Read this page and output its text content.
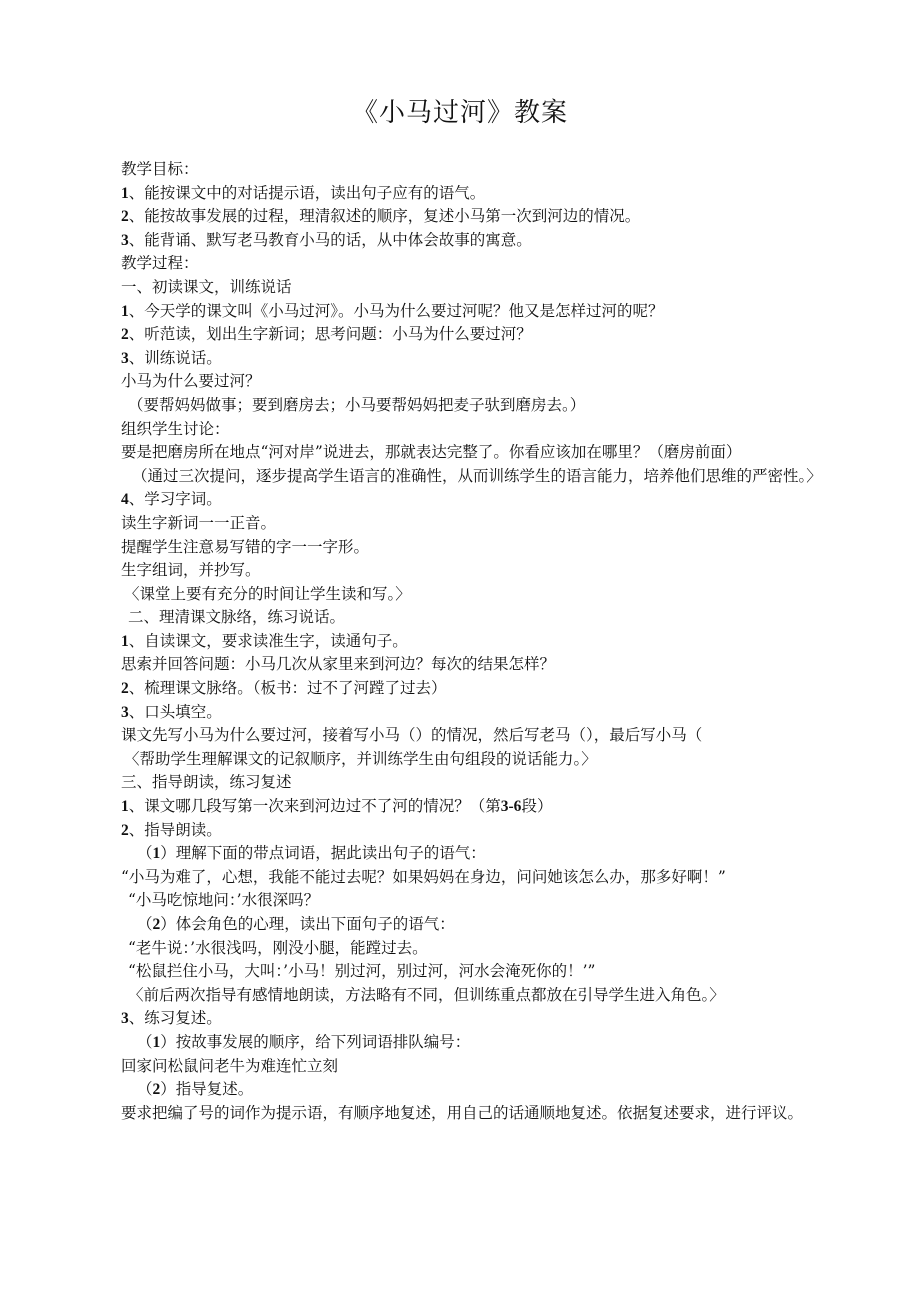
《小马过河》教案
教学目标：
1、能按课文中的对话提示语，读出句子应有的语气。
2、能按故事发展的过程，理清叙述的顺序，复述小马第一次到河边的情况。
3、能背诵、默写老马教育小马的话，从中体会故事的寓意。
教学过程：
一、初读课文，训练说话
1、今天学的课文叫《小马过河》。小马为什么要过河呢？他又是怎样过河的呢？
2、听范读，划出生字新词；思考问题：小马为什么要过河？
3、训练说话。
小马为什么要过河？
（要帮妈妈做事；要到磨房去；小马要帮妈妈把麦子驮到磨房去。）
组织学生讨论：
要是把磨房所在地点“河对岸”说进去，那就表达完整了。你看应该加在哪里？（磨房前面）
（通过三次提问，逐步提高学生语言的准确性，从而训练学生的语言能力，培养他们思维的严密性。〉
4、学习字词。
读生字新词一一正音。
提醒学生注意易写错的字一一字形。
生字组词，并抄写。
〈课堂上要有充分的时间让学生读和写。〉
二、理清课文脉络，练习说话。
1、自读课文，要求读准生字，读通句子。
思索并回答问题：小马几次从家里来到河边？每次的结果怎样？
2、梳理课文脉络。（板书：过不了河蹚了过去）
3、口头填空。
课文先写小马为什么要过河，接着写小马（）的情况，然后写老马（），最后写小马（
〈帮助学生理解课文的记叙顺序，并训练学生由句组段的说话能力。〉
三、指导朗读，练习复述
1、课文哪几段写第一次来到河边过不了河的情况？（第3-6段）
2、指导朗读。
（1）理解下面的带点词语，据此读出句子的语气：
“小马为难了，心想，我能不能过去呢？如果妈妈在身边，问问她该怎么办，那多好啊！”
“小马吃惊地问：’水很深吗？
（2）体会角色的心理，读出下面句子的语气：
“老牛说：’水很浅吗，刚没小腿，能蹚过去。
“松鼠拦住小马，大叫：’小马！别过河，别过河，河水会淹死你的！’”
〈前后两次指导有感情地朗读，方法略有不同，但训练重点都放在引导学生进入角色。〉
3、练习复述。
（1）按故事发展的顺序，给下列词语排队编号：
回家问松鼠问老牛为难连忙立刻
（2）指导复述。
要求把编了号的词作为提示语，有顺序地复述，用自己的话通顺地复述。依据复述要求，进行评议。
